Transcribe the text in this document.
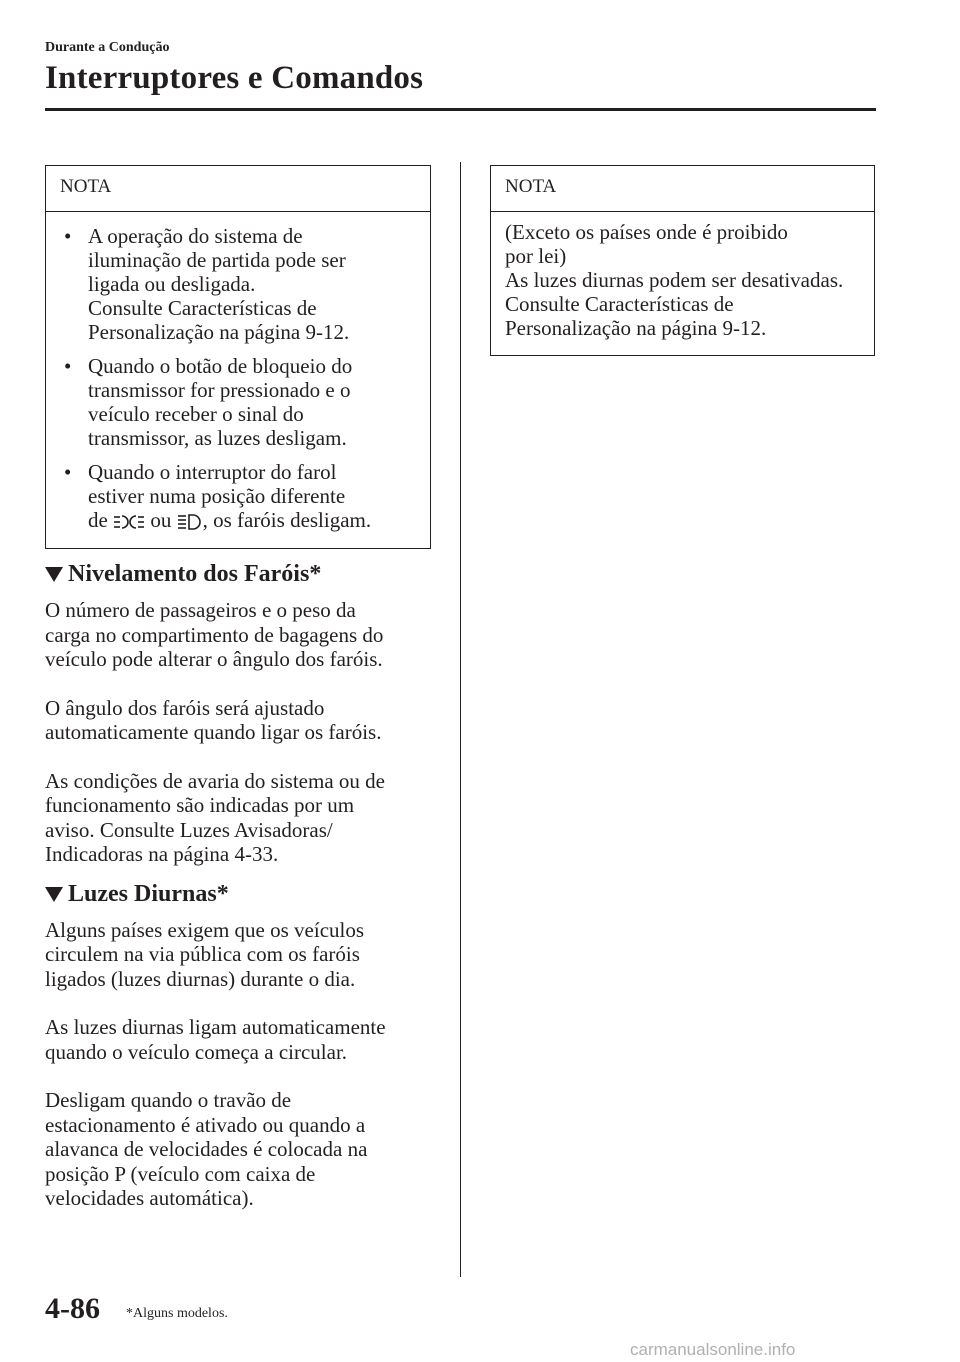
Durante a Condução
Interruptores e Comandos
NOTA
• A operação do sistema de
iluminação de partida pode ser
ligada ou desligada.
Consulte Características de
Personalização na página 9-12.
• Quando o botão de bloqueio do
transmissor for pressionado e o
veículo receber o sinal do
transmissor, as luzes desligam.
• Quando o interruptor do farol
estiver numa posição diferente
de ou , os faróis desligam.
NOTA
(Exceto os países onde é proibido
por lei)
As luzes diurnas podem ser desativadas.
Consulte Características de
Personalização na página 9-12.
Nivelamento dos Faróis*
O número de passageiros e o peso da
carga no compartimento de bagagens do
veículo pode alterar o ângulo dos faróis.
O ângulo dos faróis será ajustado
automaticamente quando ligar os faróis.
As condições de avaria do sistema ou de
funcionamento são indicadas por um
aviso. Consulte Luzes Avisadoras/
Indicadoras na página 4-33.
Luzes Diurnas*
Alguns países exigem que os veículos
circulem na via pública com os faróis
ligados (luzes diurnas) durante o dia.
As luzes diurnas ligam automaticamente
quando o veículo começa a circular.
Desligam quando o travão de
estacionamento é ativado ou quando a
alavanca de velocidades é colocada na
posição P (veículo com caixa de
velocidades automática).
4-86 *Alguns modelos.
carmanualsonline.info
